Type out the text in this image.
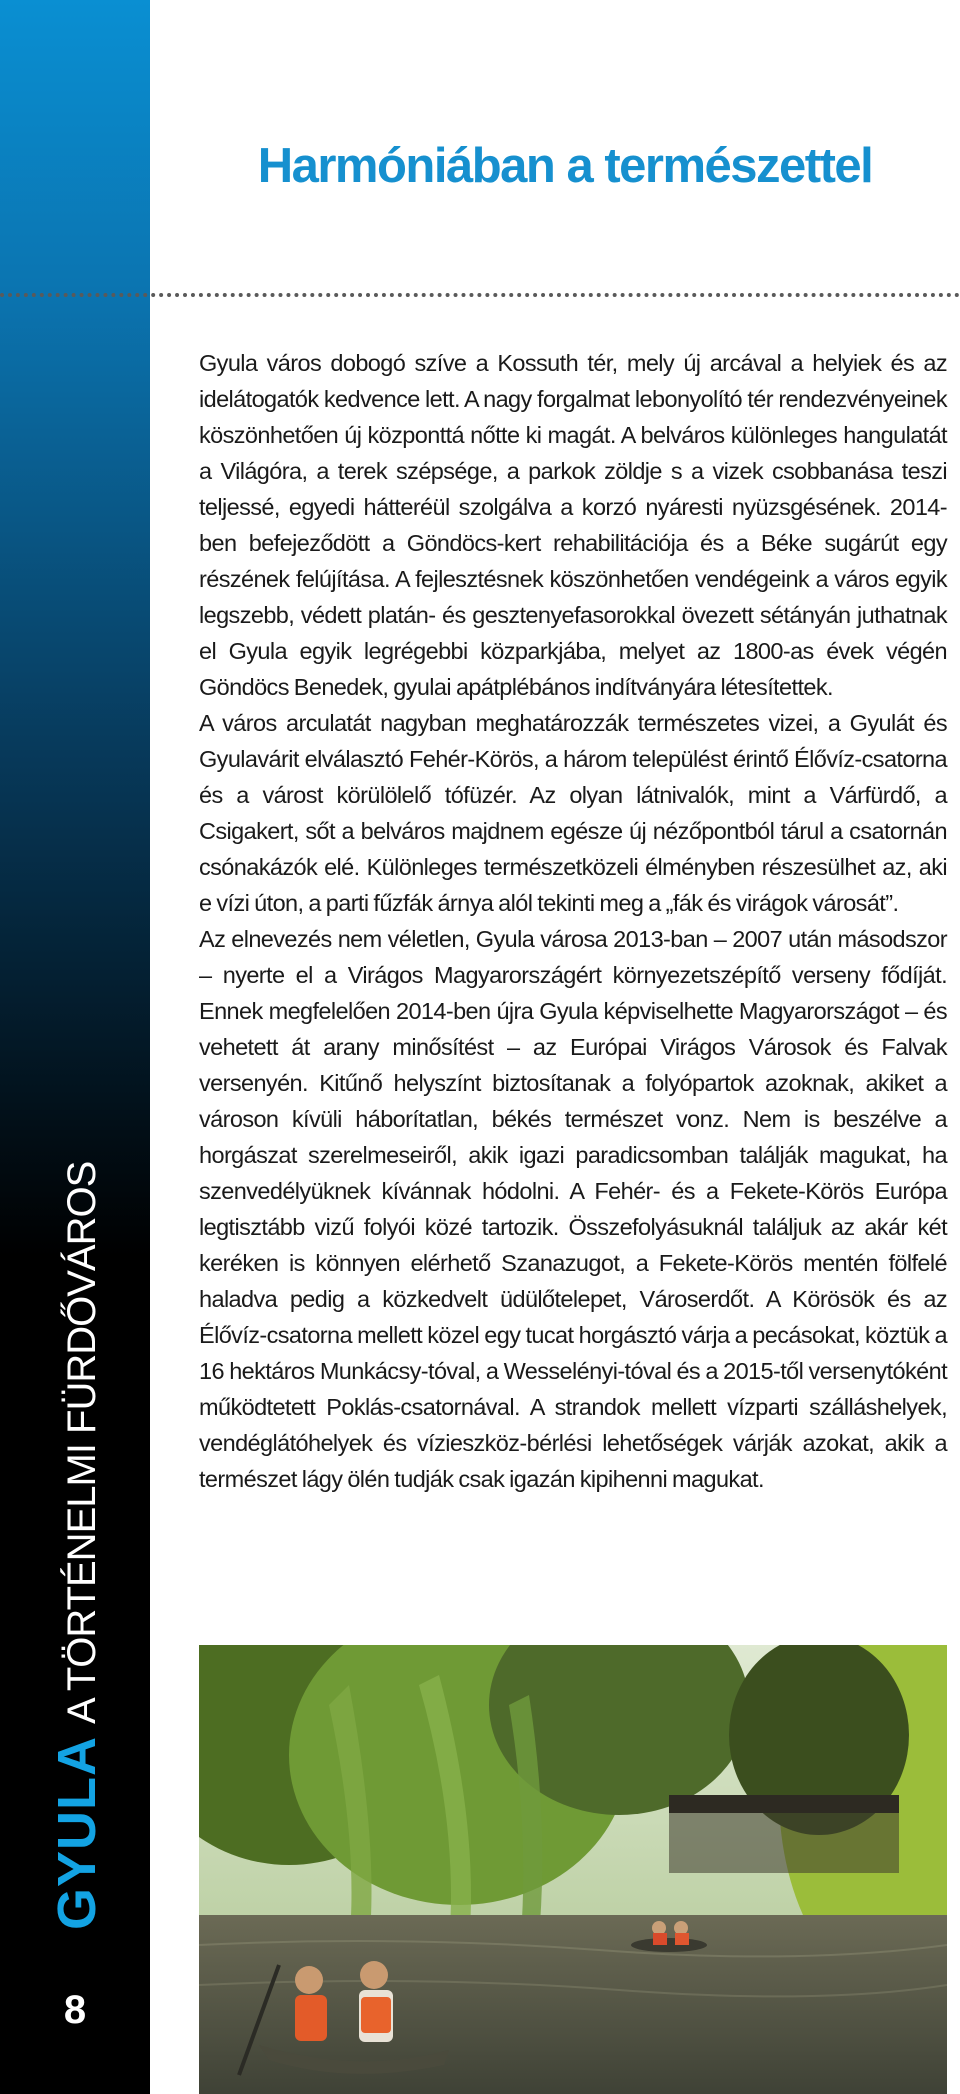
GYULAA TÖRTÉNELMI FÜRDŐVÁROS
8
Harmóniában a természettel

Gyula város dobogó szíve a Kossuth tér, mely új arcával a helyiek és az idelátogatók kedvence lett. A nagy forgalmat lebonyolító tér rendezvényeinek köszönhetően új központtá nőtte ki magát. A belváros különleges hangulatát a Világóra, a terek szépsége, a parkok zöldje s a vizek csobbanása teszi teljessé, egyedi hátteréül szolgálva a korzó nyáresti nyüzsgésének. 2014-ben befejeződött a Göndöcs-kert rehabilitációja és a Béke sugárút egy részének felújítása. A fejlesztésnek köszönhetően vendégeink a város egyik legszebb, védett platán- és gesztenyefasorokkal övezett sétányán juthatnak el Gyula egyik legrégebbi közparkjába, melyet az 1800-as évek végén Göndöcs Benedek, gyulai apátplébános indítványára létesítettek.

A város arculatát nagyban meghatározzák természetes vizei, a Gyulát és Gyulavárit elválasztó Fehér-Körös, a három települést érintő Élővíz-csatorna és a várost körülölelő tófüzér. Az olyan látnivalók, mint a Várfürdő, a Csigakert, sőt a belváros majdnem egésze új nézőpontból tárul a csatornán csónakázók elé. Különleges természetközeli élményben részesülhet az, aki e vízi úton, a parti fűzfák árnya alól tekinti meg a „fák és virágok városát”.

Az elnevezés nem véletlen, Gyula városa 2013-ban – 2007 után másodszor – nyerte el a Virágos Magyarországért környezetszépítő verseny fődíját. Ennek megfelelően 2014-ben újra Gyula képviselhette Magyarországot – és vehetett át arany minősítést – az Európai Virágos Városok és Falvak versenyén. Kitűnő helyszínt biztosítanak a folyópartok azoknak, akiket a városon kívüli háborítatlan, békés természet vonz. Nem is beszélve a horgászat szerelmeseiről, akik igazi paradicsomban találják magukat, ha szenvedélyüknek kívánnak hódolni. A Fehér- és a Fekete-Körös Európa legtisztább vizű folyói közé tartozik. Összefolyásuknál találjuk az akár két keréken is könnyen elérhető Szanazugot, a Fekete-Körös mentén fölfelé haladva pedig a közkedvelt üdülőtelepet, Városerdőt. A Körösök és az Élővíz-csatorna mellett közel egy tucat horgásztó várja a pecásokat, köztük a 16 hektáros Munkácsy-tóval, a Wesselényi-tóval és a 2015-től versenytóként működtetett Poklás-csatornával. A strandok mellett vízparti szálláshelyek, vendéglátóhelyek és vízieszköz-bérlési lehetőségek várják azokat, akik a természet lágy ölén tudják csak igazán kipihenni magukat.
